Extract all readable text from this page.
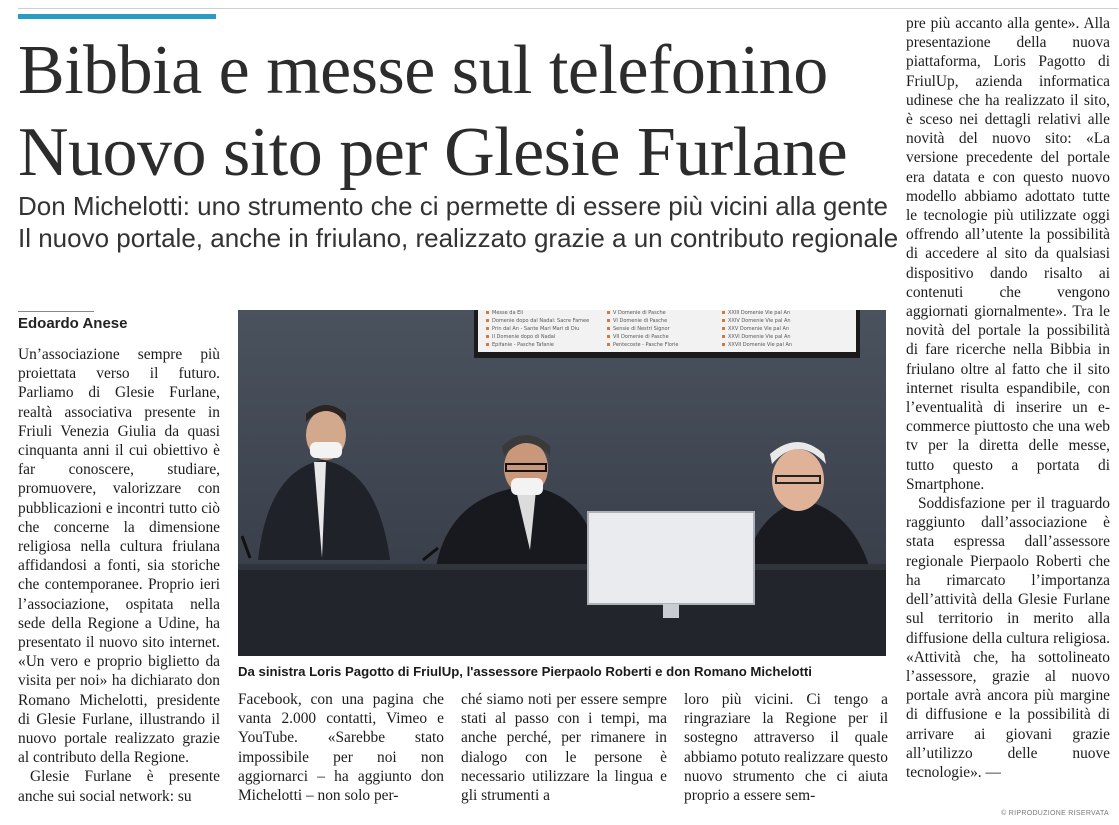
Bibbia e messe sul telefonino
Nuovo sito per Glesie Furlane
Don Michelotti: uno strumento che ci permette di essere più vicini alla gente
Il nuovo portale, anche in friulano, realizzato grazie a un contributo regionale
Edoardo Anese

Un’associazione sempre più proiettata verso il futuro. Parliamo di Glesie Furlane, realtà associativa presente in Friuli Venezia Giulia da quasi cinquanta anni il cui obiettivo è far conoscere, studiare, promuovere, valorizzare con pubblicazioni e incontri tutto ciò che concerne la dimensione religiosa nella cultura friulana affidandosi a fonti, sia storiche che contemporanee. Proprio ieri l’associazione, ospitata nella sede della Regione a Udine, ha presentato il nuovo sito internet. «Un vero e proprio biglietto da visita per noi» ha dichiarato don Romano Michelotti, presidente di Glesie Furlane, illustrando il nuovo portale realizzato grazie al contributo della Regione.

Glesie Furlane è presente anche sui social network: su

Messe da Eli
Domenie dopo dal Nadal: Sacre Famee
Prin dal An - Sante Mari Mari di Diu
II Domenie dopo di Nadal
Epifanie - Pasche Tafanie
V Domenie di Pasche
VI Domenie di Pasche
Sensie di Nestri Signor
VII Domenie di Pasche
Pentecoste - Pasche Florie
XXIII Domenie Vie pal An
XXIV Domenie Vie pal An
XXV Domenie Vie pal An
XXVI Domenie Vie pal An
XXVII Domenie Vie pal An
Da sinistra Loris Pagotto di FriulUp, l'assessore Pierpaolo Roberti e don Romano Michelotti

Facebook, con una pagina che vanta 2.000 contatti, Vimeo e YouTube. «Sarebbe stato impossibile per noi non aggiornarci – ha aggiunto don Michelotti – non solo per-

ché siamo noti per essere sempre stati al passo con i tempi, ma anche perché, per rimanere in dialogo con le persone è necessario utilizzare la lingua e gli strumenti a

loro più vicini. Ci tengo a ringraziare la Regione per il sostegno attraverso il quale abbiamo potuto realizzare questo nuovo strumento che ci aiuta proprio a essere sem-

pre più accanto alla gente». Alla presentazione della nuova piattaforma, Loris Pagotto di FriulUp, azienda informatica udinese che ha realizzato il sito, è sceso nei dettagli relativi alle novità del nuovo sito: «La versione precedente del portale era datata e con questo nuovo modello abbiamo adottato tutte le tecnologie più utilizzate oggi offrendo all’utente la possibilità di accedere al sito da qualsiasi dispositivo dando risalto ai contenuti che vengono aggiornati giornalmente». Tra le novità del portale la possibilità di fare ricerche nella Bibbia in friulano oltre al fatto che il sito internet risulta espandibile, con l’eventualità di inserire un e-commerce piuttosto che una web tv per la diretta delle messe, tutto questo a portata di Smartphone.

Soddisfazione per il traguardo raggiunto dall’associazione è stata espressa dall’assessore regionale Pierpaolo Roberti che ha rimarcato l’importanza dell’attività della Glesie Furlane sul territorio in merito alla diffusione della cultura religiosa. «Attività che, ha sottolineato l’assessore, grazie al nuovo portale avrà ancora più margine di diffusione e la possibilità di arrivare ai giovani grazie all’utilizzo delle nuove tecnologie». —

© RIPRODUZIONE RISERVATA
